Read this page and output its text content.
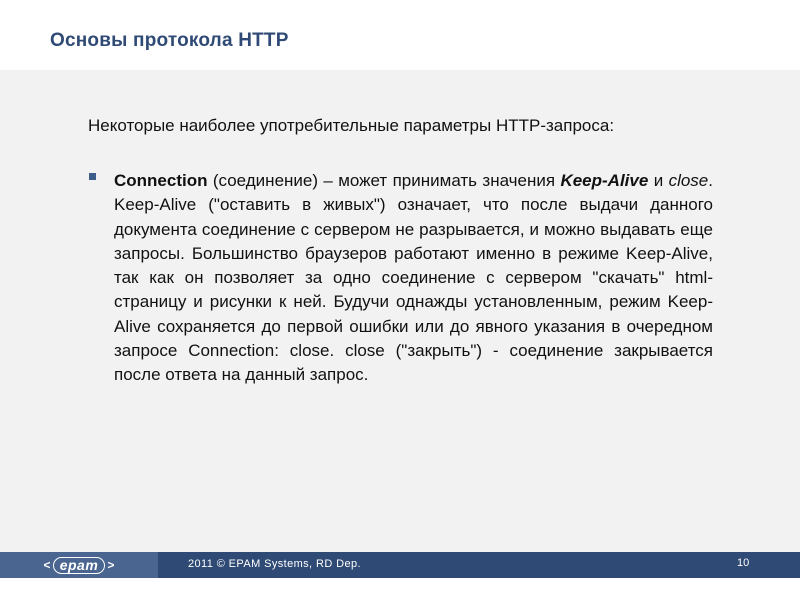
Основы протокола HTTP
Некоторые наиболее употребительные параметры HTTP-запроса:
Connection (соединение) – может принимать значения Keep-Alive и close. Keep-Alive ("оставить в живых") означает, что после выдачи данного документа соединение с сервером не разрывается, и можно выдавать еще запросы. Большинство браузеров работают именно в режиме Keep-Alive, так как он позволяет за одно соединение с сервером "скачать" html-страницу и рисунки к ней. Будучи однажды установленным, режим Keep-Alive сохраняется до первой ошибки или до явного указания в очередном запросе Connection: close. close ("закрыть") - соединение закрывается после ответа на данный запрос.
< epam >	2011 © EPAM Systems, RD Dep.	10
